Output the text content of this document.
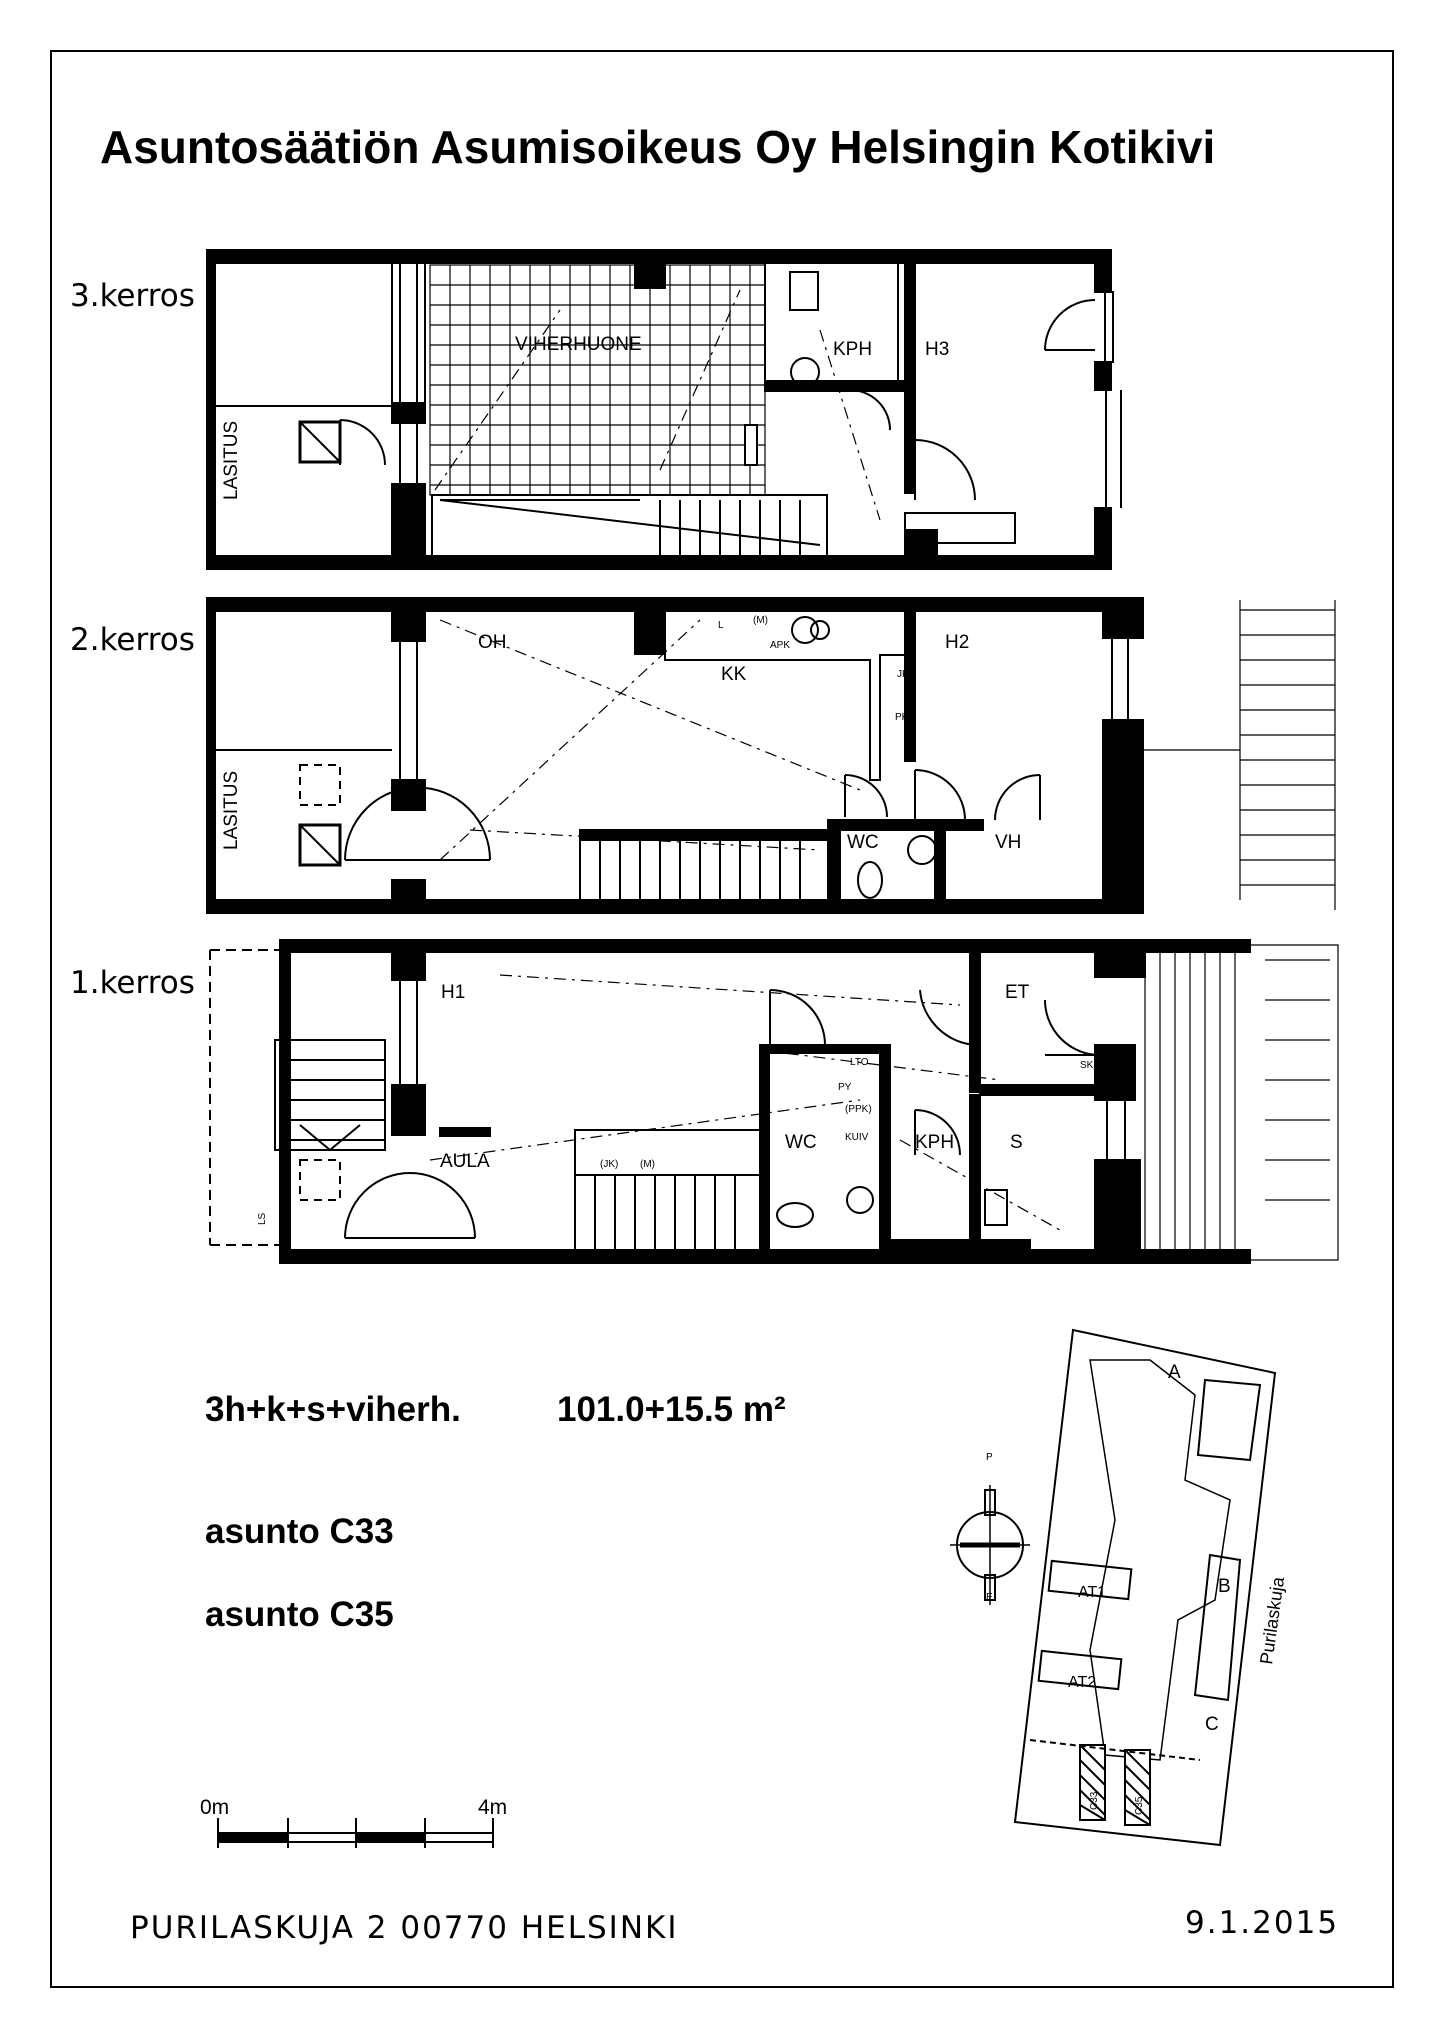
Asuntosäätiön Asumisoikeus Oy Helsingin Kotikivi
3.kerros
2.kerros
1.kerros
VIHERHUONE	KPH	H3
LASITUS
OH
KK
H2
WC	VH
LASITUS
L	(M)
APK
JK
PK
H1	ET
AULA
WC	KPH	S
LS
SK
LTO
PY
(PPK)
KUIV
(JK) (M)
A
B
C
AT1
AT2
C33	C35
Purilaskuja
P
E
3h+k+s+viherh.	101.0+15.5 m²
asunto C33
asunto C35
0m	4m
PURILASKUJA 2 00770 HELSINKI	9.1.2015
